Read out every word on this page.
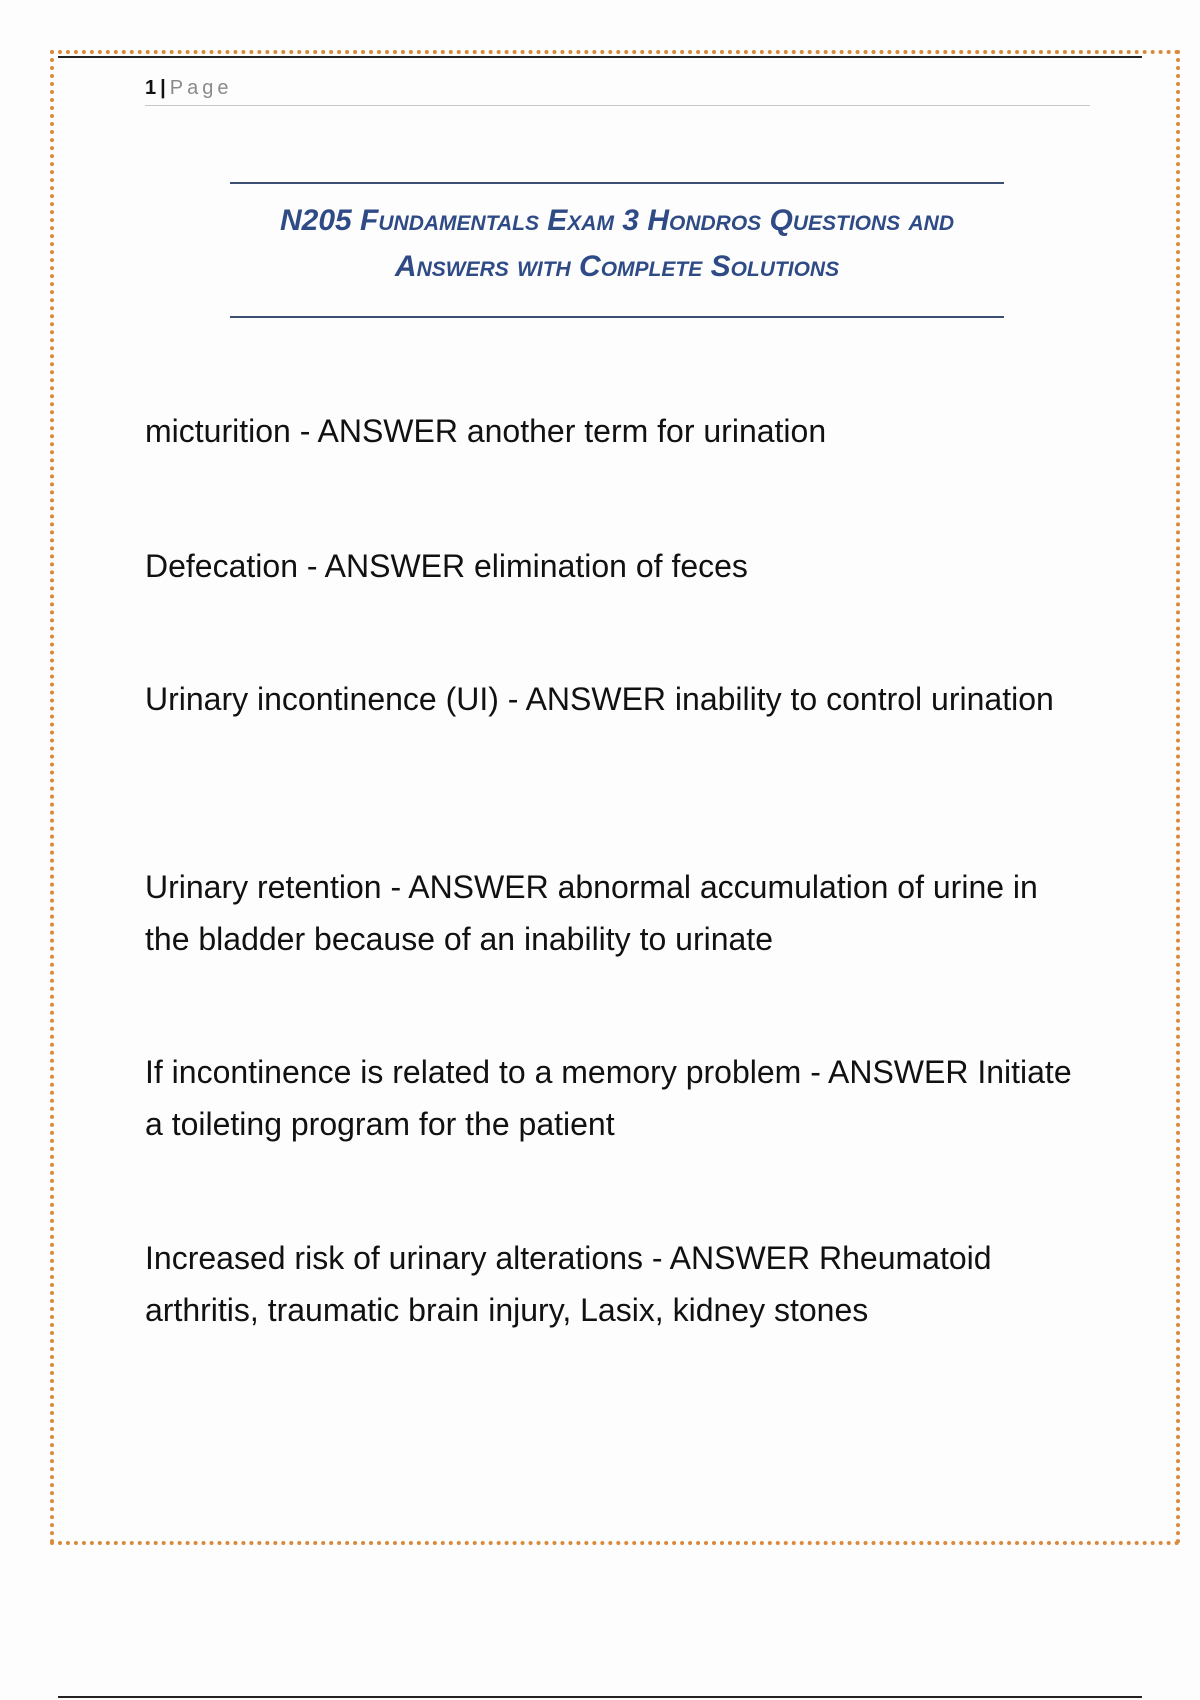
1 | Page
N205 Fundamentals Exam 3 Hondros Questions and
Answers with Complete Solutions
micturition - ANSWER another term for urination
Defecation - ANSWER elimination of feces
Urinary incontinence (UI) - ANSWER inability to control urination
Urinary retention - ANSWER abnormal accumulation of urine in the bladder because of an inability to urinate
If incontinence is related to a memory problem - ANSWER Initiate a toileting program for the patient
Increased risk of urinary alterations - ANSWER Rheumatoid arthritis, traumatic brain injury, Lasix, kidney stones
